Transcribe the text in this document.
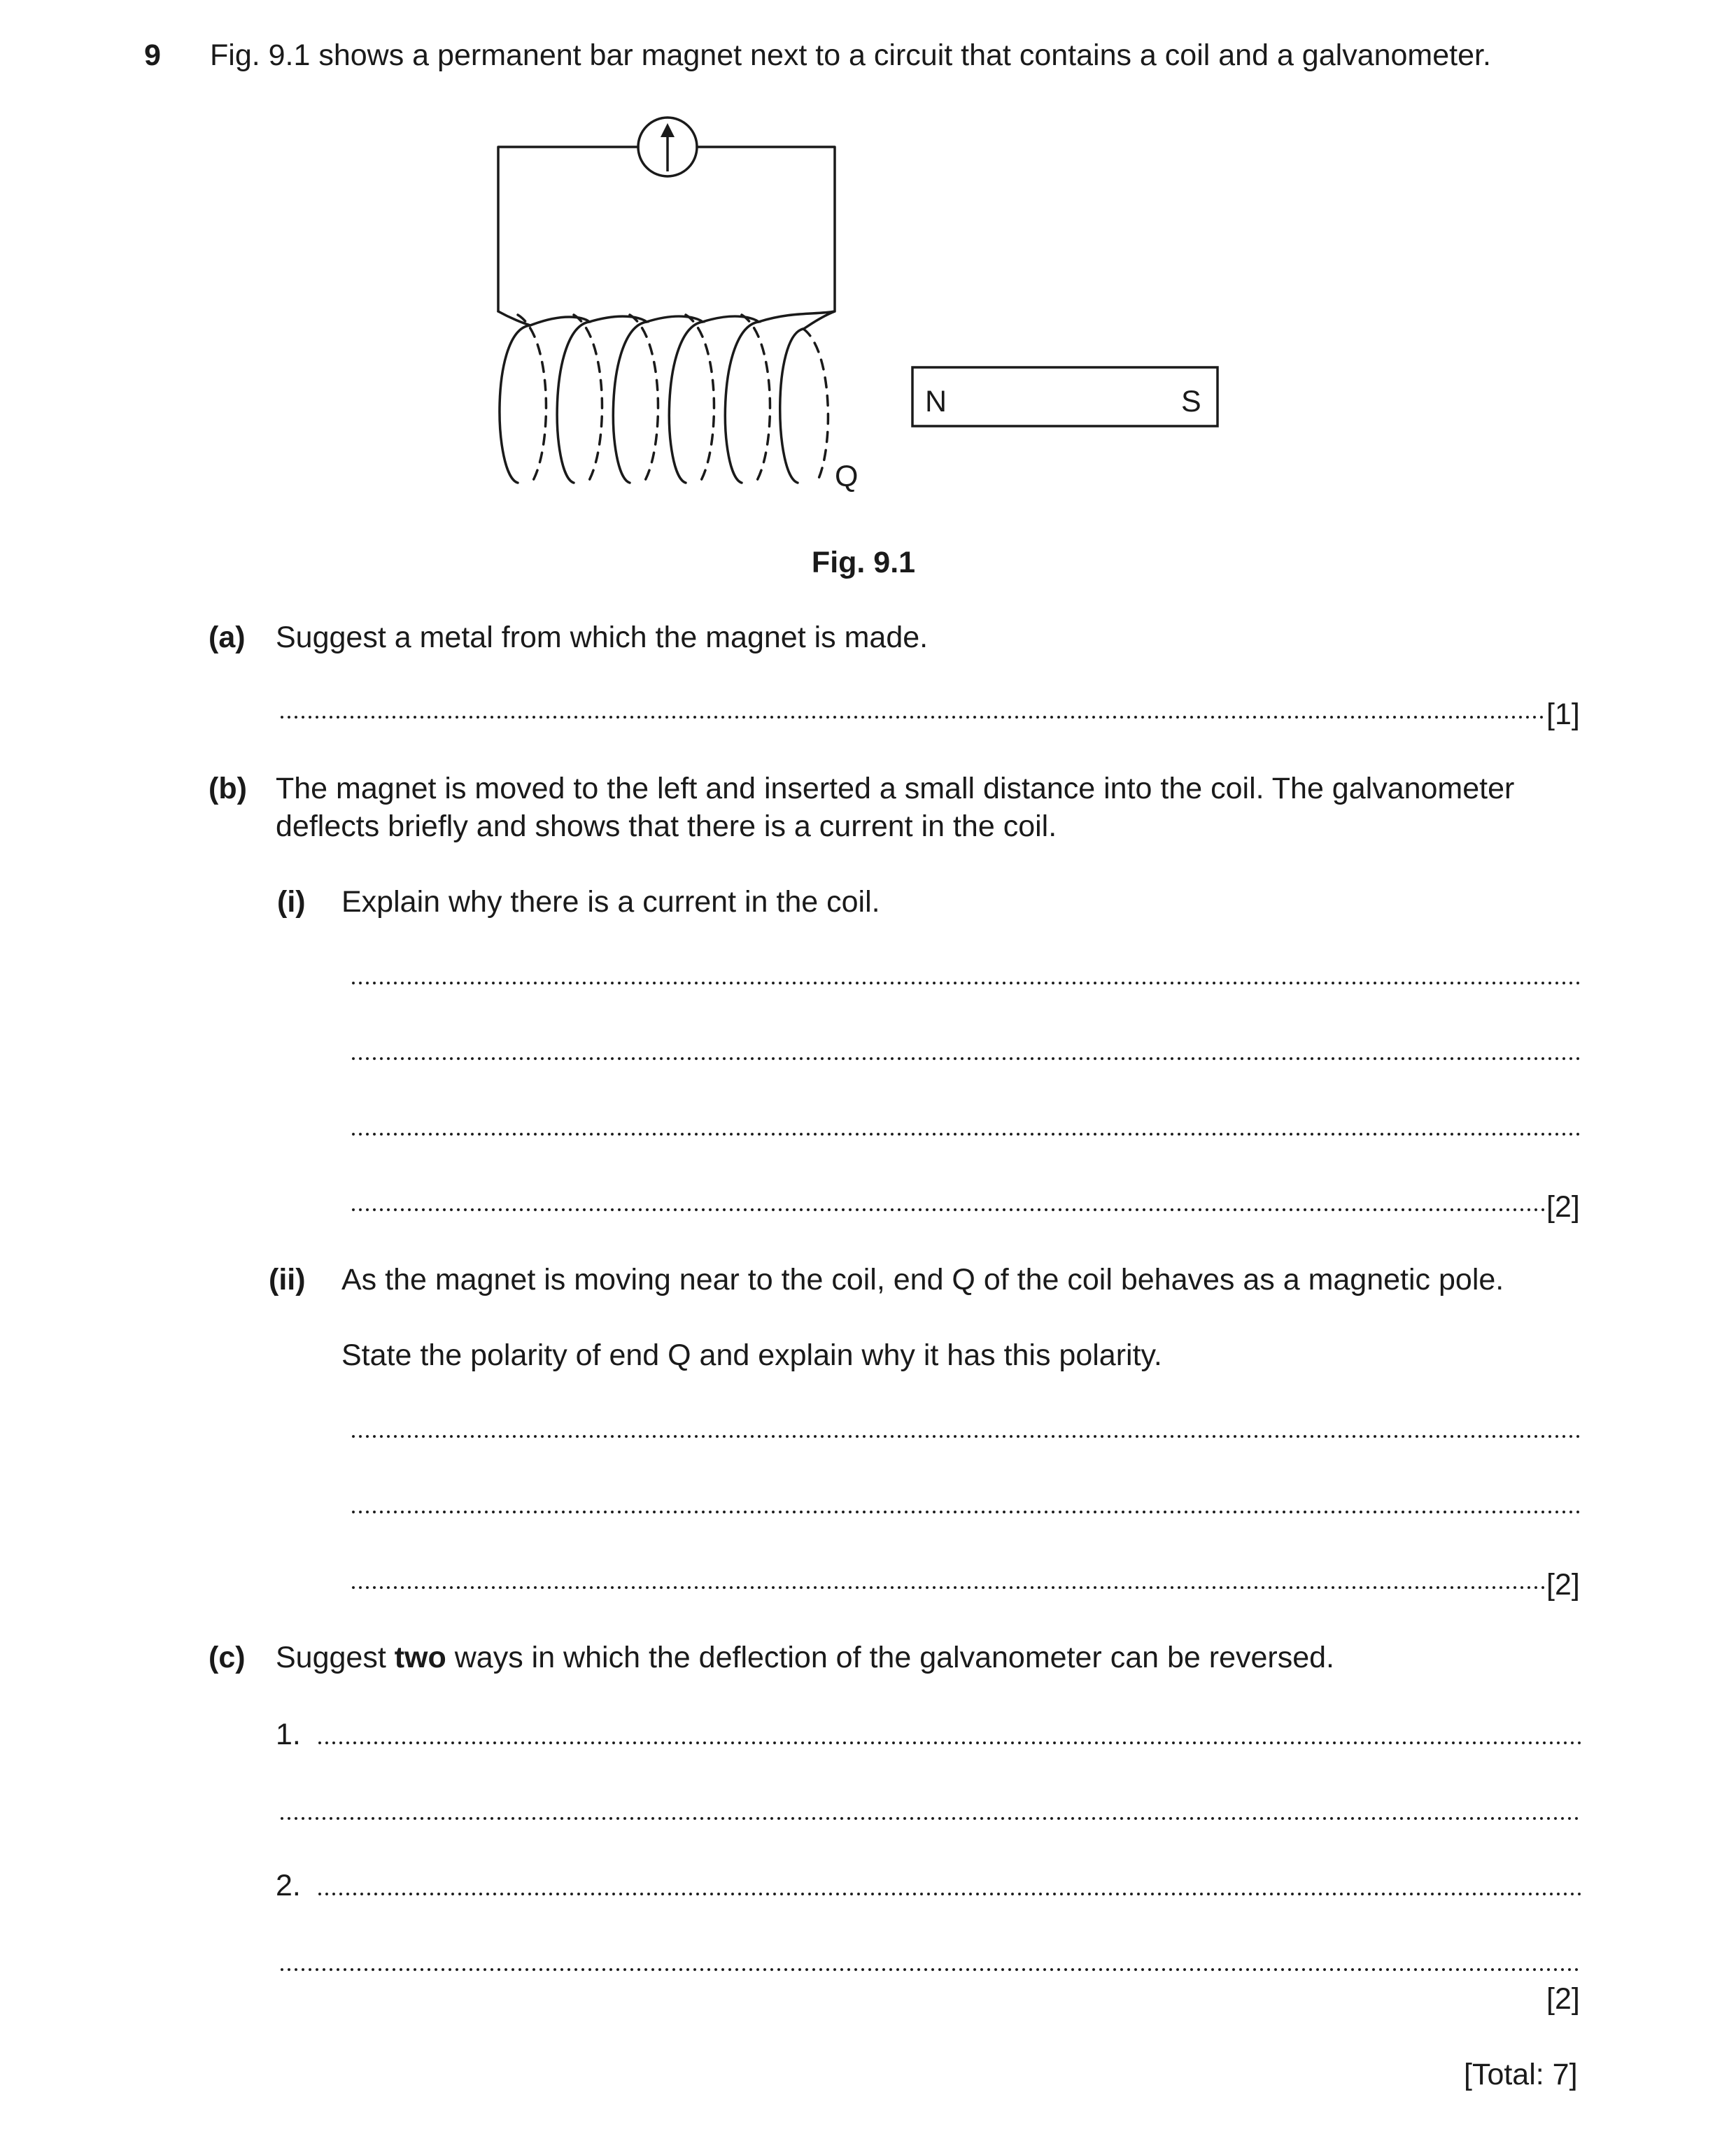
9 Fig. 9.1 shows a permanent bar magnet next to a circuit that contains a coil and a galvanometer.
N	S
Q
Fig. 9.1
(a) Suggest a metal from which the magnet is made.
[1]
(b) The magnet is moved to the left and inserted a small distance into the coil. The galvanometer deflects briefly and shows that there is a current in the coil.
(i) Explain why there is a current in the coil.
[2]
(ii) As the magnet is moving near to the coil, end Q of the coil behaves as a magnetic pole.
State the polarity of end Q and explain why it has this polarity.
[2]
(c) Suggest two ways in which the deflection of the galvanometer can be reversed.
1.
2.
[2]
[Total: 7]
